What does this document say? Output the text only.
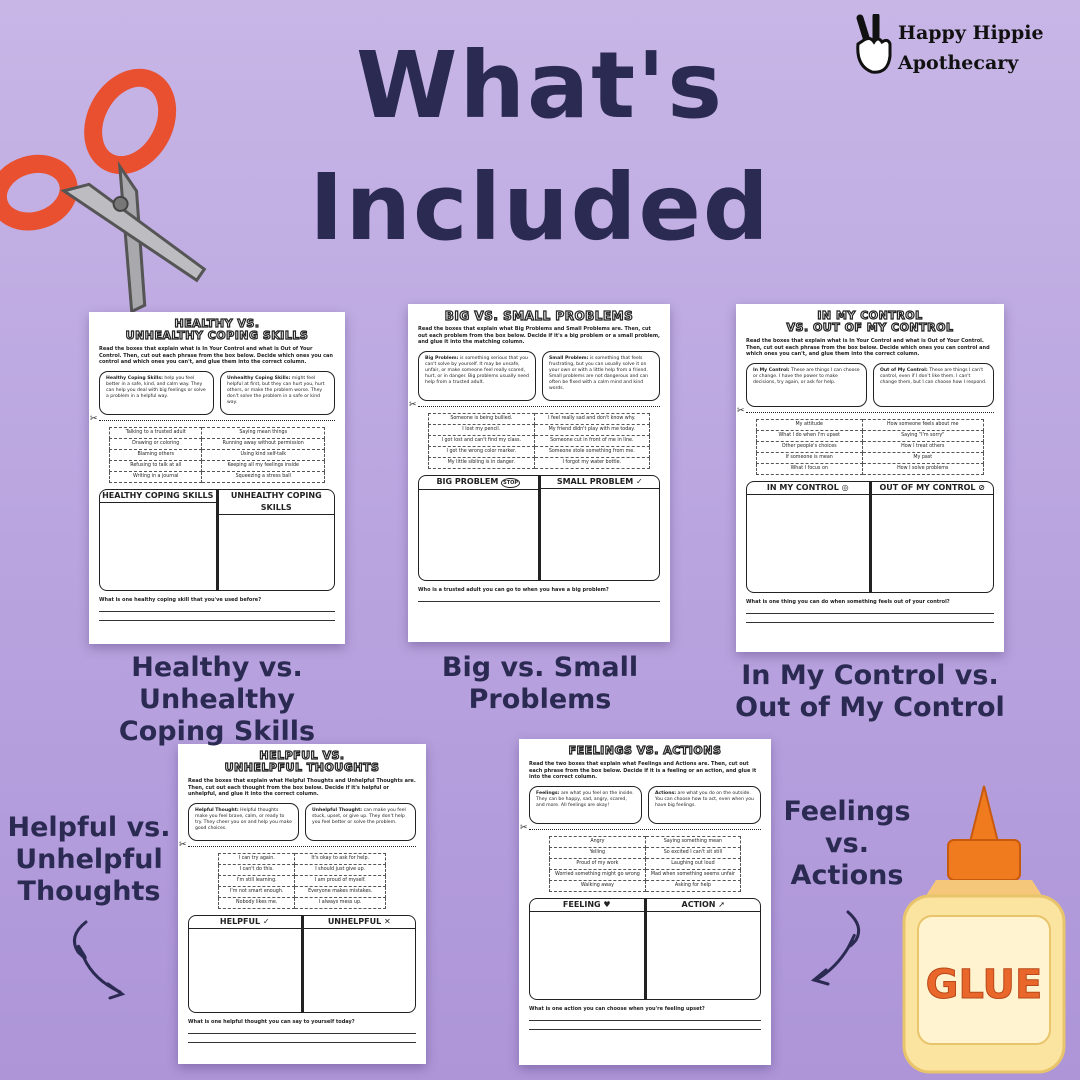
What's
Included
Happy Hippie
Apothecary
HEALTHY VS.
UNHEALTHY COPING SKILLS
Read the boxes that explain what is In Your Control and what is Out of Your Control. Then, cut out each phrase from the box below. Decide which ones you can control and which ones you can't, and glue them into the correct column.
Healthy Coping Skills: help you feel better in a safe, kind, and calm way. They can help you deal with big feelings or solve a problem in a helpful way.
Unhealthy Coping Skills: might feel helpful at first, but they can hurt you, hurt others, or make the problem worse. They don't solve the problem in a safe or kind way.
✂
Talking to a trusted adult	Saying mean things
Drawing or coloring	Running away without permission
Blaming others	Using kind self-talk
Refusing to talk at all	Keeping all my feelings inside
Writing in a journal	Squeezing a stress ball
HEALTHY COPING SKILLS	UNHEALTHY COPING SKILLS
What is one healthy coping skill that you've used before?
BIG VS. SMALL PROBLEMS
Read the boxes that explain what Big Problems and Small Problems are. Then, cut out each problem from the box below. Decide if it's a big problem or a small problem, and glue it into the matching column.
Big Problem: is something serious that you can't solve by yourself. It may be unsafe, unfair, or make someone feel really scared, hurt, or in danger. Big problems usually need help from a trusted adult.
Small Problem: is something that feels frustrating, but you can usually solve it on your own or with a little help from a friend. Small problems are not dangerous and can often be fixed with a calm mind and kind words.
✂
Someone is being bullied.	I feel really sad and don't know why.
I lost my pencil.	My friend didn't play with me today.
I got lost and can't find my class.	Someone cut in front of me in line.
I got the wrong color marker.	Someone stole something from me.
My little sibling is in danger.	I forgot my water bottle.
BIG PROBLEM STOP	SMALL PROBLEM ✓
Who is a trusted adult you can go to when you have a big problem?
IN MY CONTROL
VS. OUT OF MY CONTROL
Read the boxes that explain what is In Your Control and what is Out of Your Control. Then, cut out each phrase from the box below. Decide which ones you can control and which ones you can't, and glue them into the correct column.
In My Control: These are things I can choose or change. I have the power to make decisions, try again, or ask for help.
Out of My Control: These are things I can't control, even if I don't like them. I can't change them, but I can choose how I respond.
✂
My attitude	How someone feels about me
What I do when I'm upset	Saying "I'm sorry"
Other people's choices	How I treat others
If someone is mean	My past
What I focus on	How I solve problems
IN MY CONTROL ◎	OUT OF MY CONTROL ⊘
What is one thing you can do when something feels out of your control?
HELPFUL VS.
UNHELPFUL THOUGHTS
Read the boxes that explain what Helpful Thoughts and Unhelpful Thoughts are. Then, cut out each thought from the box below. Decide if it's helpful or unhelpful, and glue it into the correct column.
Helpful Thought: Helpful thoughts make you feel brave, calm, or ready to try. They cheer you on and help you make good choices.
Unhelpful Thought: can make you feel stuck, upset, or give up. They don't help you feel better or solve the problem.
✂
I can try again.	It's okay to ask for help.
I can't do this.	I should just give up.
I'm still learning.	I am proud of myself.
I'm not smart enough.	Everyone makes mistakes.
Nobody likes me.	I always mess up.
HELPFUL ✓	UNHELPFUL ✕
What is one helpful thought you can say to yourself today?
FEELINGS VS. ACTIONS
Read the two boxes that explain what Feelings and Actions are. Then, cut out each phrase from the box below. Decide if it is a feeling or an action, and glue it into the correct column.
Feelings: are what you feel on the inside. They can be happy, sad, angry, scared, and more. All feelings are okay!
Actions: are what you do on the outside. You can choose how to act, even when you have big feelings.
✂
Angry	Saying something mean
Yelling	So excited I can't sit still
Proud of my work	Laughing out loud
Worried something might go wrong	Mad when something seems unfair
Walking away	Asking for help
FEELING ♥	ACTION ➚
What is one action you can choose when you're feeling upset?
Healthy vs. Unhealthy
Coping Skills
Big vs. Small
Problems
In My Control vs.
Out of My Control
Helpful vs.
Unhelpful
Thoughts
Feelings
vs.
Actions
GLUE
